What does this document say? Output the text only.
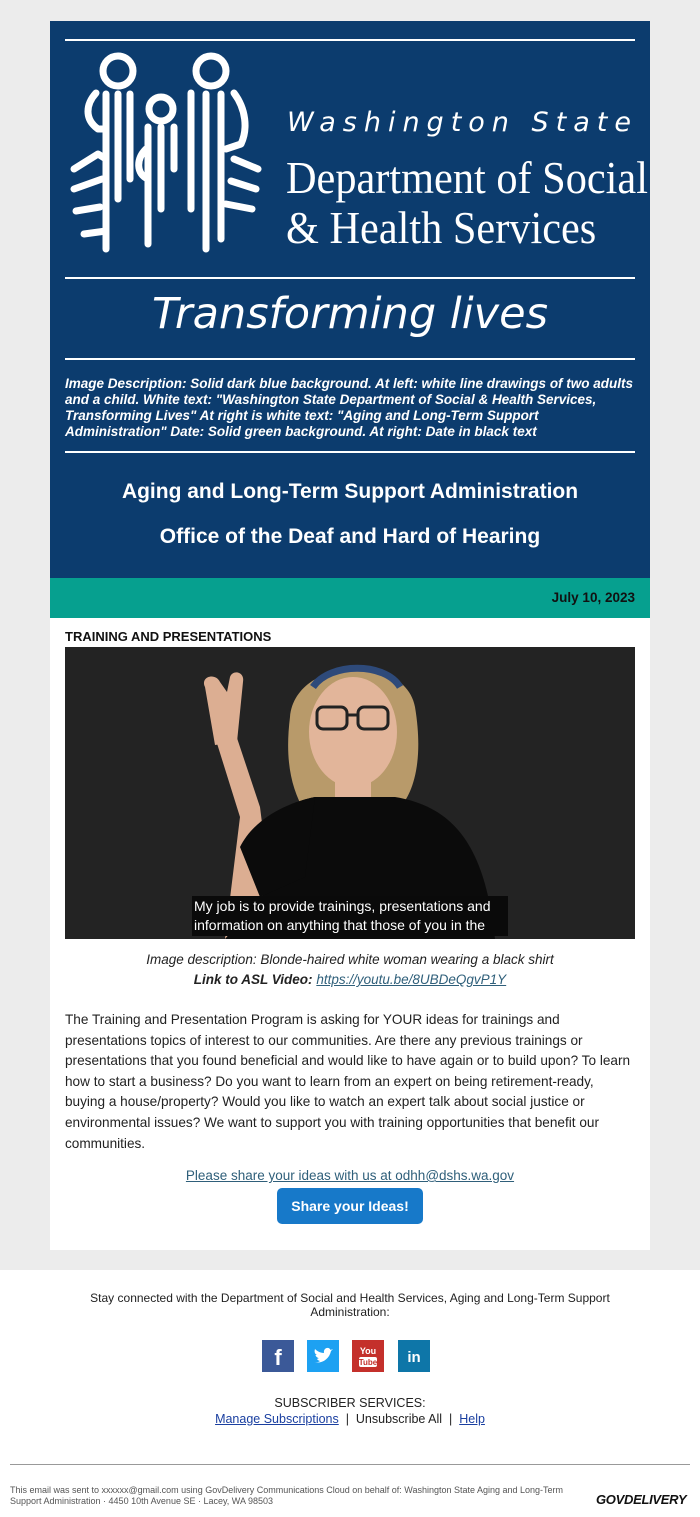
Washington State
Department of Social
& Health Services
Transforming lives
Image Description: Solid dark blue background. At left: white line drawings of two adults and a child. White text: "Washington State Department of Social & Health Services, Transforming Lives" At right is white text: "Aging and Long-Term Support Administration" Date: Solid green background. At right: Date in black text
Aging and Long-Term Support Administration
Office of the Deaf and Hard of Hearing
July 10, 2023
TRAINING AND PRESENTATIONS
My job is to provide trainings, presentations and information on anything that those of you in the
Image description: Blonde-haired white woman wearing a black shirt
Link to ASL Video: https://youtu.be/8UBDeQgvP1Y
The Training and Presentation Program is asking for YOUR ideas for trainings and presentations topics of interest to our communities. Are there any previous trainings or presentations that you found beneficial and would like to have again or to build upon? To learn how to start a business? Do you want to learn from an expert on being retirement-ready, buying a house/property? Would you like to watch an expert talk about social justice or environmental issues? We want to support you with training opportunities that benefit our communities.
Please share your ideas with us at odhh@dshs.wa.gov
Share your Ideas!
Stay connected with the Department of Social and Health Services, Aging and Long-Term Support Administration:
f	You
Tube in
SUBSCRIBER SERVICES:
Manage Subscriptions | Unsubscribe All | Help
This email was sent to xxxxxx@gmail.com using GovDelivery Communications Cloud on behalf of: Washington State Aging and Long-Term Support Administration · 4450 10th Avenue SE · Lacey, WA 98503	GOVDELIVERY
